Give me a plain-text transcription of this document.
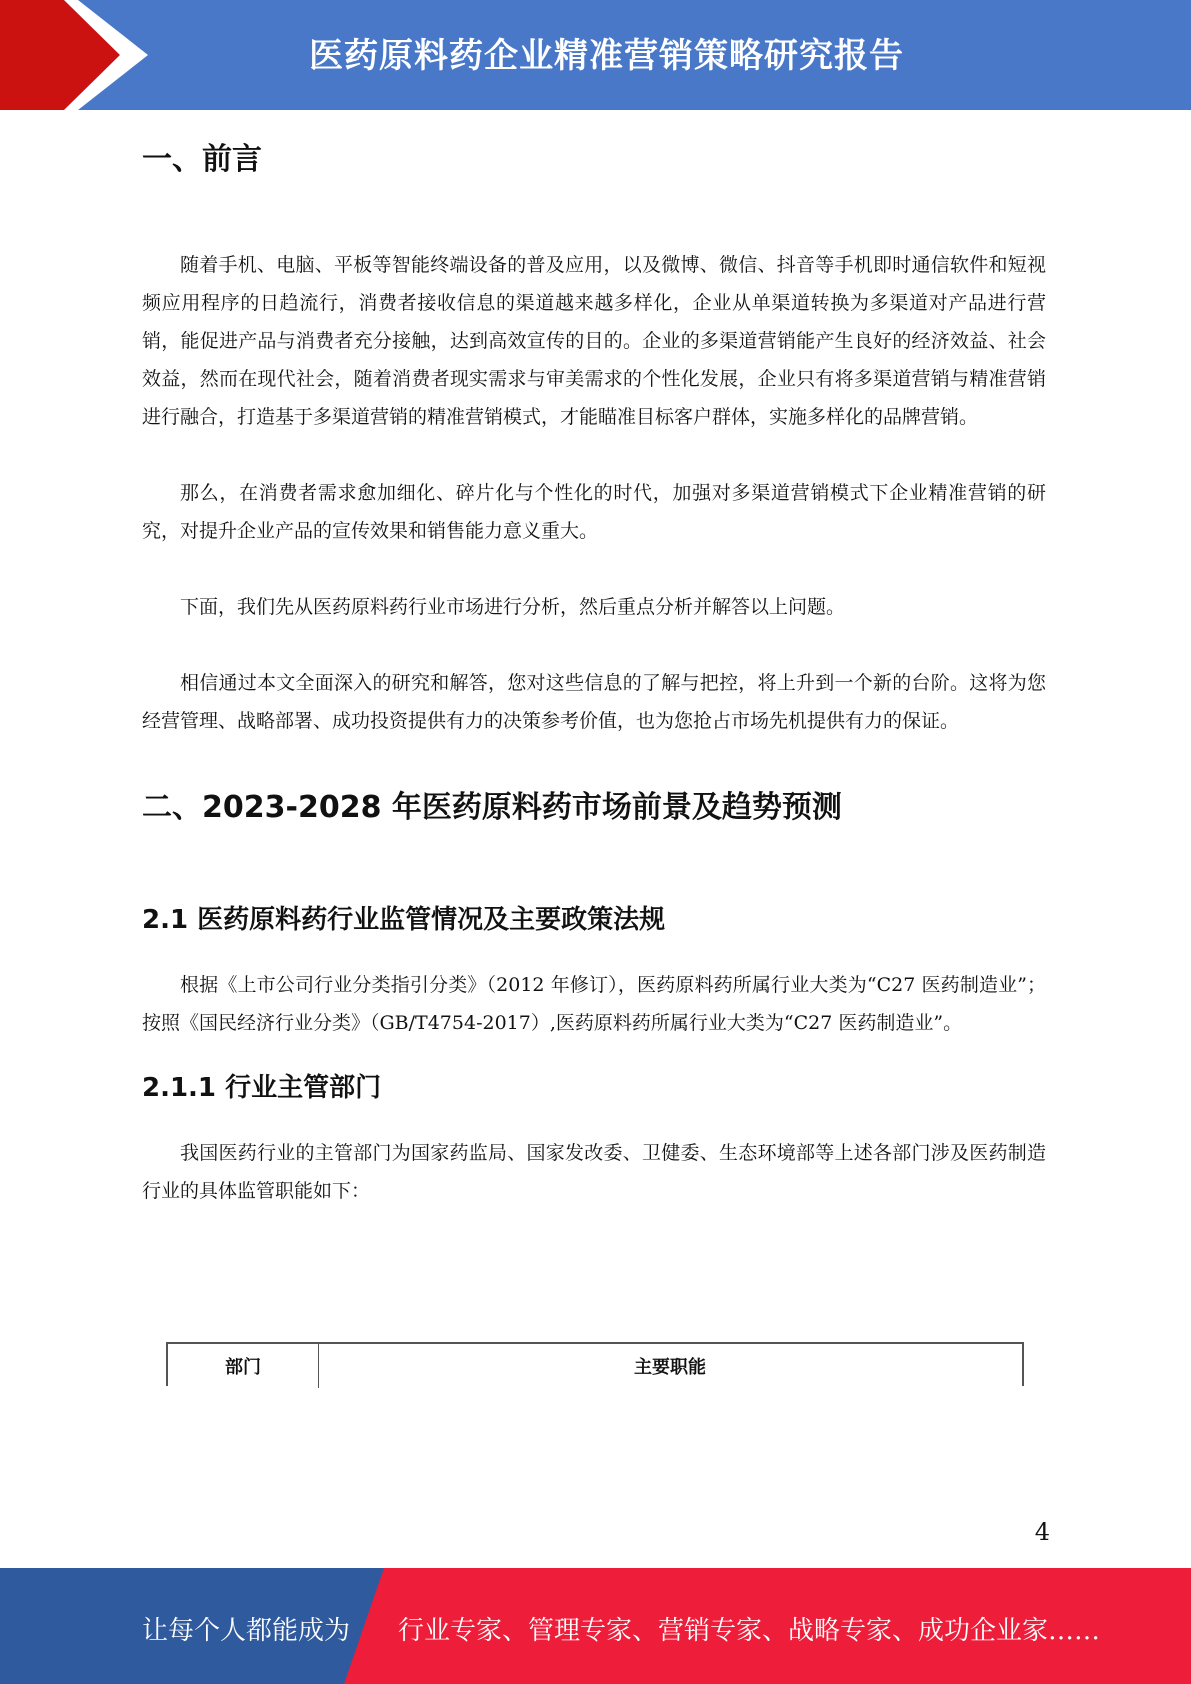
医药原料药企业精准营销策略研究报告
一、前言

随着手机、电脑、平板等智能终端设备的普及应用，以及微博、微信、抖音等手机即时通信软件和短视频应用程序的日趋流行，消费者接收信息的渠道越来越多样化，企业从单渠道转换为多渠道对产品进行营销，能促进产品与消费者充分接触，达到高效宣传的目的。企业的多渠道营销能产生良好的经济效益、社会效益，然而在现代社会，随着消费者现实需求与审美需求的个性化发展，企业只有将多渠道营销与精准营销进行融合，打造基于多渠道营销的精准营销模式，才能瞄准目标客户群体，实施多样化的品牌营销。

那么，在消费者需求愈加细化、碎片化与个性化的时代，加强对多渠道营销模式下企业精准营销的研究，对提升企业产品的宣传效果和销售能力意义重大。

下面，我们先从医药原料药行业市场进行分析，然后重点分析并解答以上问题。

相信通过本文全面深入的研究和解答，您对这些信息的了解与把控，将上升到一个新的台阶。这将为您经营管理、战略部署、成功投资提供有力的决策参考价值，也为您抢占市场先机提供有力的保证。

二、2023-2028 年医药原料药市场前景及趋势预测
2.1 医药原料药行业监管情况及主要政策法规

根据《上市公司行业分类指引分类》（2012 年修订），医药原料药所属行业大类为“C27 医药制造业”；按照《国民经济行业分类》（GB/T4754-2017）,医药原料药所属行业大类为“C27 医药制造业”。

2.1.1 行业主管部门

我国医药行业的主管部门为国家药监局、国家发改委、卫健委、生态环境部等上述各部门涉及医药制造行业的具体监管职能如下：

部门	主要职能
4
让每个人都能成为 行业专家、管理专家、营销专家、战略专家、成功企业家……
